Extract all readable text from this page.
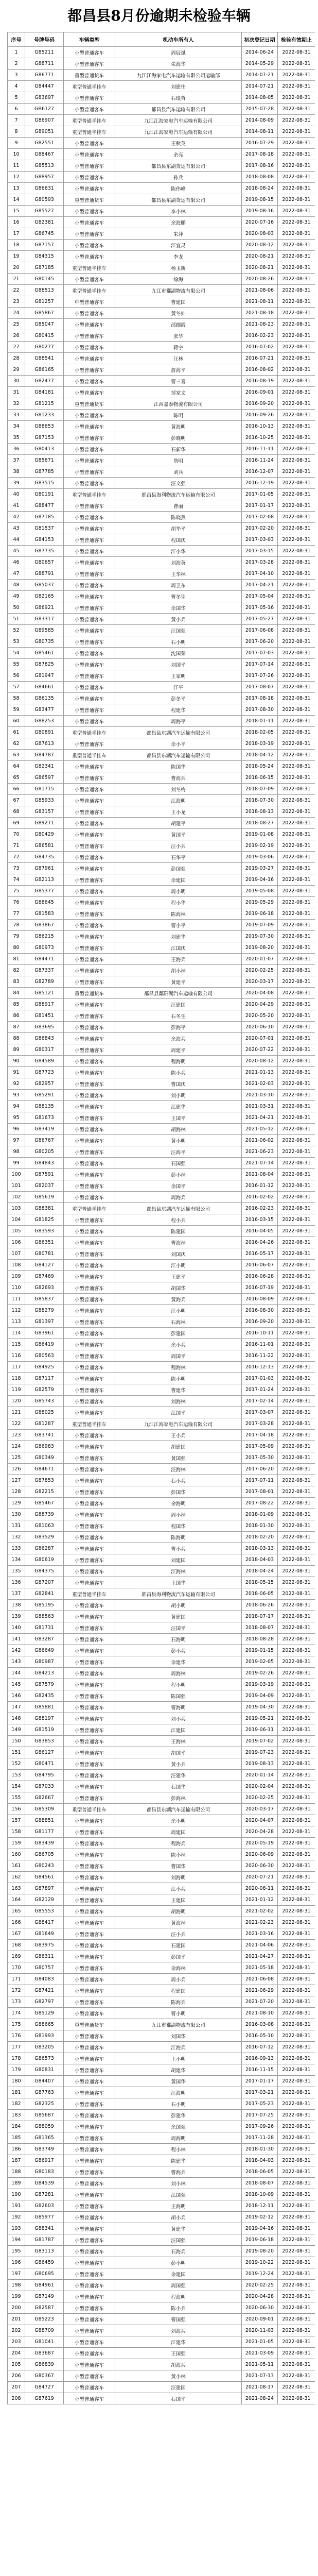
都昌县8月份逾期未检验车辆
序号	号牌号码	车辆类型	机动车所有人	初次登记日期	检验有效期止
1	G85211	小型普通客车	周辰斌	2014-06-24	2022-08-31
2	G88711	小型普通客车	朱海华	2014-05-29	2022-08-31
3	G86771	重型普通货车	九江江海家电汽车运输有限公司运输部	2014-07-21	2022-08-31
4	G84447	重型普通半挂车	刘建伟	2014-07-21	2022-08-31
5	G83697	小型普通客车	石琅哲	2014-08-05	2022-08-31
6	GB6127	小型普通客车	都昌县汽车运输有限公司	2015-07-28	2022-08-31
7	G86907	重型普通半挂车	九江江海家电汽车运输有限公司	2014-08-09	2022-08-31
8	G89051	重型普通半挂车	九江江海家电汽车运输有限公司	2014-08-11	2022-08-31
9	G82551	小型普通客车	王秋英	2016-07-29	2022-08-31
10	G88467	小型普通客车	余亮	2017-08-18	2022-08-31
11	G85513	小型普通客车	都昌县东湖货运有限公司	2017-08-16	2022-08-31
12	G88957	小型普通客车	孙兵	2018-08-08	2022-08-31
13	G86631	小型普通客车	陈伟峰	2018-08-24	2022-08-31
14	G80593	重型普通货车	都昌县东湖货运有限公司	2019-08-15	2022-08-31
15	G85527	小型普通客车	李小林	2019-08-16	2022-08-31
16	G82381	小型普通客车	余海鹏	2020-07-16	2022-08-31
17	G86745	小型普通客车	朱萍	2020-08-03	2022-08-31
18	G87157	小型普通客车	江宜灵	2020-08-12	2022-08-31
19	G84315	小型普通客车	李龙	2020-08-21	2022-08-31
20	G87185	重型普通半挂车	杨玉新	2020-08-21	2022-08-31
21	G80145	小型普通客车	徐海	2020-08-26	2022-08-31
22	G88513	重型普通半挂车	九江市鄱湖物流有限公司	2021-08-06	2022-08-31
23	G81257	中型普通客车	曹建国	2021-08-11	2022-08-31
24	G85867	小型普通客车	黄冬仙	2021-08-18	2022-08-31
25	G85047	小型普通客车	邵细霞	2021-08-23	2022-08-31
26	G80415	小型普通客车	张华	2016-02-23	2022-08-31
27	G80277	小型普通客车	蒋宇	2016-07-02	2022-08-31
28	G88541	小型普通客车	汪林	2016-07-21	2022-08-31
29	G86165	小型普通客车	詹海平	2016-08-02	2022-08-31
30	G82477	小型普通客车	曹三喜	2016-08-19	2022-08-31
31	G84181	小型普通客车	邹家文	2016-09-01	2022-08-31
32	G81215	重型普通货车	江西嘉泰物流有限公司	2016-09-20	2022-08-31
33	G81233	小型普通客车	陈明	2016-09-26	2022-08-31
34	G88653	小型普通客车	黄海明	2016-10-13	2022-08-31
35	G87153	小型普通客车	彭晓明	2016-10-25	2022-08-31
36	G80413	小型普通客车	石新华	2016-11-11	2022-08-31
37	G85671	小型普通客车	詹明	2016-11-24	2022-08-31
38	G87785	小型普通客车	刘兵	2016-12-07	2022-08-31
39	G83515	小型普通客车	汪文强	2016-12-19	2022-08-31
40	G80191	重型普通半挂车	都昌县海利物流汽车运输有限公司	2017-01-05	2022-08-31
41	G88477	小型普通客车	曹丽	2017-01-17	2022-08-31
42	G87185	小型普通客车	陈晓燕	2017-02-08	2022-08-31
43	G81537	小型普通客车	胡华平	2017-02-20	2022-08-31
44	G84153	小型普通客车	程国庆	2017-03-03	2022-08-31
45	G87735	小型普通客车	江小华	2017-03-15	2022-08-31
46	G80657	小型普通客车	刘海英	2017-03-28	2022-08-31
47	G88791	小型普通客车	王华林	2017-04-10	2022-08-31
48	G85037	小型普通客车	周卫东	2017-04-21	2022-08-31
49	G82165	小型普通客车	曹冬生	2017-05-04	2022-08-31
50	G86921	小型普通客车	余国华	2017-05-16	2022-08-31
51	G83317	小型普通客车	黄小兵	2017-05-27	2022-08-31
52	G89585	小型普通客车	汪国强	2017-06-08	2022-08-31
53	G80735	小型普通客车	石小明	2017-06-20	2022-08-31
54	G85461	小型普通客车	沈国荣	2017-07-03	2022-08-31
55	G87825	小型普通客车	刘国平	2017-07-14	2022-08-31
56	G81947	小型普通客车	王家明	2017-07-26	2022-08-31
57	G84661	小型普通客车	江平	2017-08-07	2022-08-31
58	G86135	小型普通客车	彭冬平	2017-08-18	2022-08-31
59	G83477	小型普通客车	程建华	2017-08-30	2022-08-31
60	G88253	小型普通客车	周海平	2018-01-11	2022-08-31
61	G80891	重型普通半挂车	都昌县东湖汽车运输有限公司	2018-02-05	2022-08-31
62	G87613	小型普通客车	余小平	2018-03-19	2022-08-31
63	G84787	重型普通半挂车	都昌县东湖汽车运输有限公司	2018-04-12	2022-08-31
64	G82341	小型普通客车	陈国华	2018-05-24	2022-08-31
65	G86597	小型普通客车	曹海兵	2018-06-15	2022-08-31
66	G81715	小型普通客车	刘冬梅	2018-07-09	2022-08-31
67	G85933	小型普通客车	江海明	2018-07-30	2022-08-31
68	G83157	小型普通客车	王小龙	2018-08-13	2022-08-31
69	G89271	小型普通客车	胡建平	2018-08-27	2022-08-31
70	G80429	小型普通客车	黄国平	2019-01-08	2022-08-31
71	G86581	小型普通客车	汪小兵	2019-02-19	2022-08-31
72	G84735	小型普通客车	石华平	2019-03-06	2022-08-31
73	G87961	小型普通客车	彭国强	2019-03-27	2022-08-31
74	G82113	小型普通客车	余建国	2019-04-16	2022-08-31
75	G85377	小型普通客车	周小明	2019-05-08	2022-08-31
76	G88645	小型普通客车	程小华	2019-05-29	2022-08-31
77	G81583	小型普通客车	陈海林	2019-06-18	2022-08-31
78	G83867	小型普通客车	曹小平	2019-07-09	2022-08-31
79	G86215	小型普通客车	刘建华	2019-07-30	2022-08-31
80	G80973	小型普通客车	江国庆	2019-08-20	2022-08-31
81	G84471	小型普通客车	王海兵	2020-01-07	2022-08-31
82	G87337	小型普通客车	胡小林	2020-02-25	2022-08-31
83	G82789	小型普通客车	黄建平	2020-03-17	2022-08-31
84	G85121	重型普通货车	都昌县鄱阳湖汽车运输有限公司	2020-04-08	2022-08-31
85	G88917	小型普通客车	汪建国	2020-04-29	2022-08-31
86	G81451	小型普通客车	石冬生	2020-05-20	2022-08-31
87	G83695	小型普通客车	彭海平	2020-06-10	2022-08-31
88	G86843	小型普通客车	余海兵	2020-07-01	2022-08-31
89	G80317	小型普通客车	周建平	2020-07-22	2022-08-31
90	G84589	小型普通客车	程海明	2020-08-12	2022-08-31
91	G87723	小型普通客车	陈小兵	2021-01-13	2022-08-31
92	G82957	小型普通客车	曹国庆	2021-02-03	2022-08-31
93	G85291	小型普通客车	刘小明	2021-03-10	2022-08-31
94	G88135	小型普通客车	江建华	2021-03-31	2022-08-31
95	G81673	小型普通客车	王国平	2021-04-21	2022-08-31
96	G83419	小型普通客车	胡海林	2021-05-12	2022-08-31
97	G86767	小型普通客车	黄小明	2021-06-02	2022-08-31
98	G80205	小型普通客车	汪海平	2021-06-23	2022-08-31
99	G84843	小型普通客车	石国强	2021-07-14	2022-08-31
100	G87591	小型普通客车	彭小林	2021-08-04	2022-08-31
101	G82037	小型普通客车	余国平	2016-01-12	2022-08-31
102	G85619	小型普通客车	周海兵	2016-02-02	2022-08-31
103	G88381	重型普通半挂车	都昌县东湖汽车运输有限公司	2016-02-23	2022-08-31
104	G81825	小型普通客车	程小兵	2016-03-15	2022-08-31
105	G83593	小型普通客车	陈建国	2016-04-05	2022-08-31
106	G86351	小型普通客车	曹海林	2016-04-26	2022-08-31
107	G80781	小型普通客车	刘国庆	2016-05-17	2022-08-31
108	G84127	小型普通客车	江小明	2016-06-07	2022-08-31
109	G87469	小型普通客车	王建平	2016-06-28	2022-08-31
110	G82693	小型普通客车	胡国华	2016-07-19	2022-08-31
111	G85837	小型普通客车	黄海兵	2016-08-09	2022-08-31
112	G88279	小型普通客车	汪小明	2016-08-30	2022-08-31
113	G81397	小型普通客车	石海林	2016-09-20	2022-08-31
114	G83961	小型普通客车	彭建国	2016-10-11	2022-08-31
115	G86419	小型普通客车	余小兵	2016-11-01	2022-08-31
116	G80563	小型普通客车	周国平	2016-11-22	2022-08-31
117	G84925	小型普通客车	程海林	2016-12-13	2022-08-31
118	G87117	小型普通客车	陈小明	2017-01-03	2022-08-31
119	G82579	小型普通客车	曹建华	2017-01-24	2022-08-31
120	G85743	小型普通客车	刘海林	2017-02-14	2022-08-31
121	G88025	小型普通客车	江国平	2017-03-07	2022-08-31
122	G81287	重型普通半挂车	九江江海家电汽车运输有限公司	2017-03-28	2022-08-31
123	G83741	小型普通客车	王小兵	2017-04-18	2022-08-31
124	G86983	小型普通客车	胡建国	2017-05-09	2022-08-31
125	G80349	小型普通客车	黄国强	2017-05-30	2022-08-31
126	G84671	小型普通客车	汪海林	2017-06-20	2022-08-31
127	G87853	小型普通客车	石小兵	2017-07-11	2022-08-31
128	G82215	小型普通客车	彭国华	2017-08-01	2022-08-31
129	G85467	小型普通客车	余海明	2017-08-22	2022-08-31
130	G88739	小型普通客车	周小林	2018-01-09	2022-08-31
131	G81063	小型普通客车	程国华	2018-01-30	2022-08-31
132	G83529	小型普通客车	陈海明	2018-02-20	2022-08-31
133	G86287	小型普通客车	曹小兵	2018-03-13	2022-08-31
134	G80619	小型普通客车	刘建国	2018-04-03	2022-08-31
135	G84375	小型普通客车	江海林	2018-04-24	2022-08-31
136	G87207	小型普通客车	王国华	2018-05-15	2022-08-31
137	G82841	重型普通半挂车	都昌县海利物流汽车运输有限公司	2018-06-05	2022-08-31
138	G85195	小型普通客车	胡小明	2018-06-26	2022-08-31
139	G88563	小型普通客车	黄建国	2018-07-17	2022-08-31
140	G81731	小型普通客车	汪国平	2018-08-07	2022-08-31
141	G83287	小型普通客车	石海明	2018-08-28	2022-08-31
142	G86649	小型普通客车	彭小兵	2019-01-15	2022-08-31
143	G80987	小型普通客车	余建华	2019-02-05	2022-08-31
144	G84213	小型普通客车	周海林	2019-02-26	2022-08-31
145	G87579	小型普通客车	程小明	2019-03-19	2022-08-31
146	G82435	小型普通客车	陈国强	2019-04-09	2022-08-31
147	G85881	小型普通客车	曹海明	2019-04-30	2022-08-31
148	G88197	小型普通客车	刘小兵	2019-05-21	2022-08-31
149	G81519	小型普通客车	江建国	2019-06-11	2022-08-31
150	G83853	小型普通客车	王海林	2019-07-02	2022-08-31
151	G86127	小型普通客车	胡国平	2019-07-23	2022-08-31
152	G80471	小型普通客车	黄小兵	2019-08-13	2022-08-31
153	G84795	小型普通客车	汪建华	2020-01-14	2022-08-31
154	G87033	小型普通客车	石国华	2020-02-04	2022-08-31
155	G82667	小型普通客车	彭海林	2020-02-25	2022-08-31
156	G85309	重型普通半挂车	都昌县东湖汽车运输有限公司	2020-03-17	2022-08-31
157	G88851	小型普通客车	余小明	2020-04-07	2022-08-31
158	G81177	小型普通客车	周建国	2020-04-28	2022-08-31
159	G83439	小型普通客车	程海兵	2020-05-19	2022-08-31
160	G86705	小型普通客车	陈小林	2020-06-09	2022-08-31
161	G80243	小型普通客车	曹国华	2020-06-30	2022-08-31
162	G84561	小型普通客车	刘海明	2020-07-21	2022-08-31
163	G87897	小型普通客车	江小兵	2020-08-11	2022-08-31
164	G82129	小型普通客车	王建国	2021-01-12	2022-08-31
165	G85553	小型普通客车	胡海明	2021-02-02	2022-08-31
166	G88417	小型普通客车	黄海林	2021-02-23	2022-08-31
167	G81649	小型普通客车	汪小兵	2021-03-16	2022-08-31
168	G83975	小型普通客车	石建国	2021-04-06	2022-08-31
169	G86311	小型普通客车	彭国平	2021-04-27	2022-08-31
170	G80757	小型普通客车	余海林	2021-05-18	2022-08-31
171	G84083	小型普通客车	周小兵	2021-06-08	2022-08-31
172	G87421	小型普通客车	程建国	2021-06-29	2022-08-31
173	G82797	小型普通客车	陈海兵	2021-07-20	2022-08-31
174	G85129	小型普通客车	曹小明	2021-08-10	2022-08-31
175	G88665	重型普通货车	九江市鄱湖物流有限公司	2016-03-08	2022-08-31
176	G81993	小型普通客车	刘国华	2016-05-10	2022-08-31
177	G83205	小型普通客车	江海兵	2016-07-12	2022-08-31
178	G86573	小型普通客车	王小明	2016-09-13	2022-08-31
179	G80831	小型普通客车	胡建华	2016-11-15	2022-08-31
180	G84407	小型普通客车	黄国华	2017-01-17	2022-08-31
181	G87763	小型普通客车	汪海明	2017-03-21	2022-08-31
182	G82325	小型普通客车	石小明	2017-05-23	2022-08-31
183	G85687	小型普通客车	彭建华	2017-07-25	2022-08-31
184	G88059	小型普通客车	余国强	2017-09-26	2022-08-31
185	G81365	小型普通客车	周海明	2017-11-28	2022-08-31
186	G83749	小型普通客车	程小林	2018-01-30	2022-08-31
187	G86917	小型普通客车	陈建华	2018-04-03	2022-08-31
188	G80183	小型普通客车	曹海兵	2018-06-05	2022-08-31
189	G84539	小型普通客车	刘小林	2018-08-07	2022-08-31
190	G87281	小型普通客车	江国强	2018-10-09	2022-08-31
191	G82603	小型普通客车	王海明	2018-12-11	2022-08-31
192	G85977	小型普通客车	胡小兵	2019-02-12	2022-08-31
193	G88341	小型普通客车	黄建华	2019-04-16	2022-08-31
194	G81787	小型普通客车	汪国强	2019-06-18	2022-08-31
195	G83113	小型普通客车	石海兵	2019-08-20	2022-08-31
196	G86459	小型普通客车	彭小明	2019-10-22	2022-08-31
197	G80695	小型普通客车	余建国	2019-12-24	2022-08-31
198	G84961	小型普通客车	周国强	2020-02-25	2022-08-31
199	G87149	小型普通客车	程海明	2020-04-28	2022-08-31
200	G82587	小型普通客车	陈小兵	2020-06-30	2022-08-31
201	G85223	小型普通客车	曹国强	2020-09-01	2022-08-31
202	G88709	小型普通客车	刘海兵	2020-11-03	2022-08-31
203	G81041	小型普通客车	江建华	2021-01-05	2022-08-31
204	G83687	小型普通客车	王国强	2021-03-09	2022-08-31
205	G86839	小型普通客车	胡海兵	2021-05-11	2022-08-31
206	G80367	小型普通客车	黄小林	2021-07-13	2022-08-31
207	G84727	小型普通客车	汪建国	2021-08-17	2022-08-31
208	G87619	小型普通客车	石国平	2021-08-24	2022-08-31
